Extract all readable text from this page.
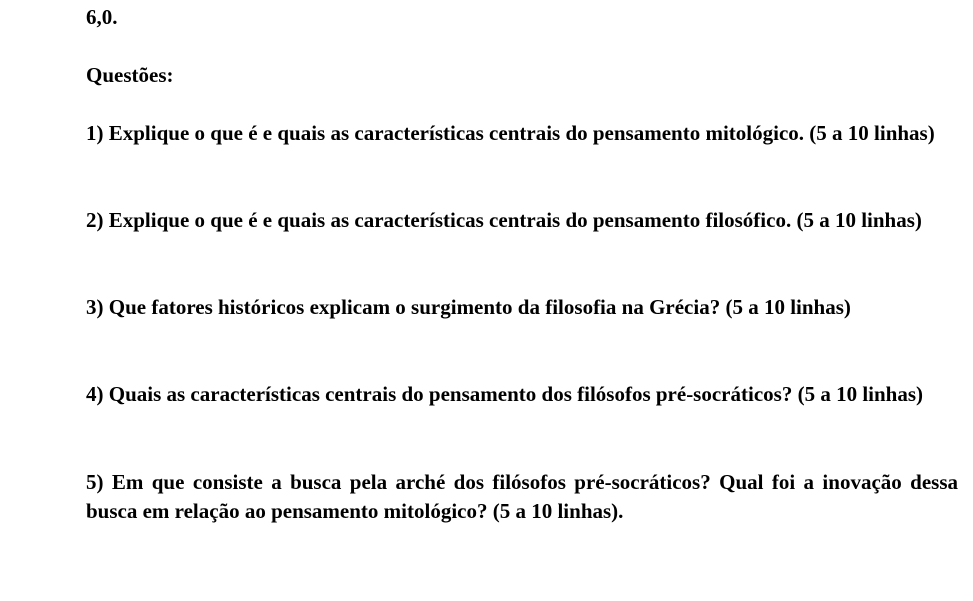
6,0.

Questões:

1) Explique o que é e quais as características centrais do pensamento mitológico. (5 a 10 linhas)

2) Explique o que é e quais as características centrais do pensamento filosófico. (5 a 10 linhas)

3) Que fatores históricos explicam o surgimento da filosofia na Grécia? (5 a 10 linhas)

4) Quais as características centrais do pensamento dos filósofos pré-socráticos? (5 a 10 linhas)

5) Em que consiste a busca pela arché dos filósofos pré-socráticos? Qual foi a inovação dessa busca em relação ao pensamento mitológico? (5 a 10 linhas).
